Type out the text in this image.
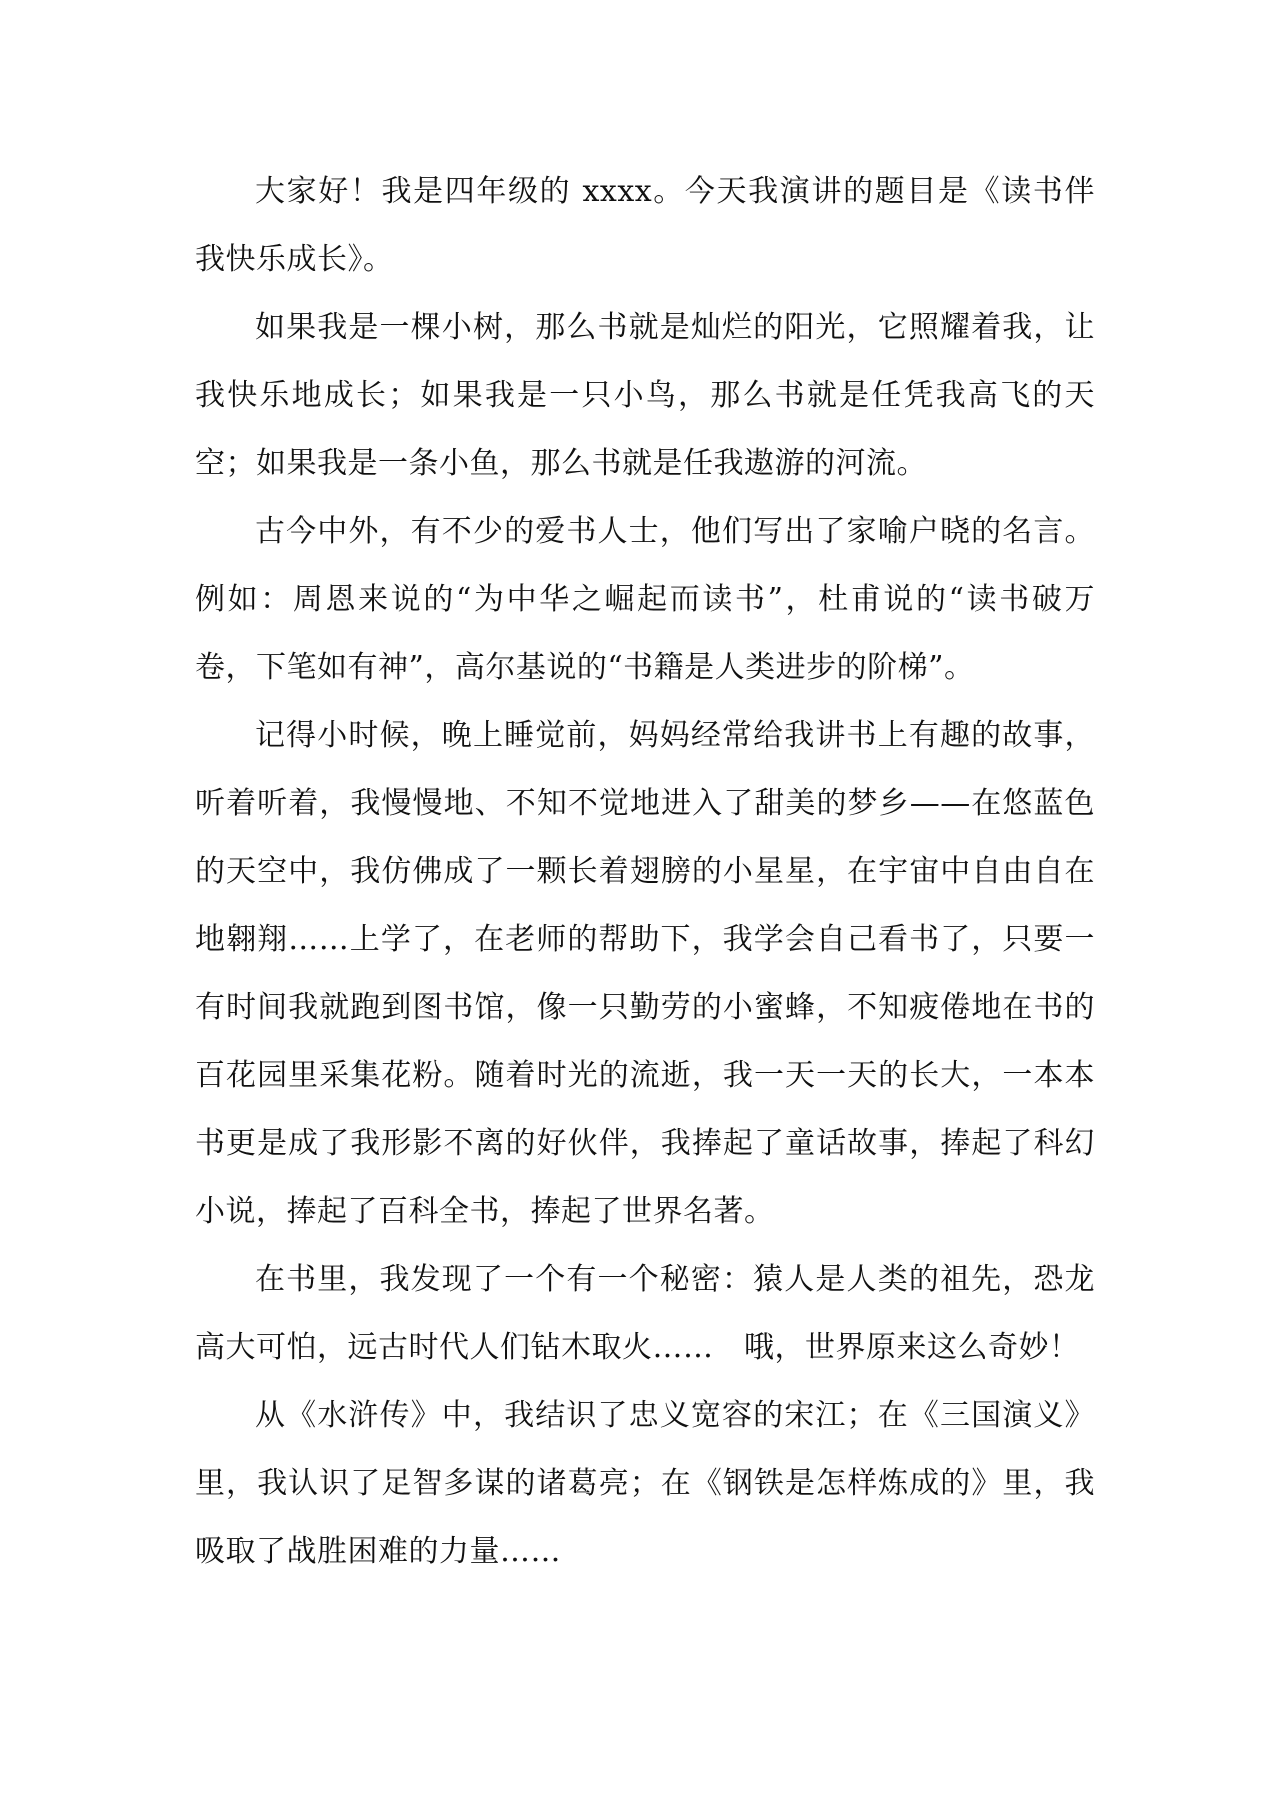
大家好！我是四年级的 xxxx。今天我演讲的题目是《读书伴我快乐成长》。

如果我是一棵小树，那么书就是灿烂的阳光，它照耀着我，让我快乐地成长；如果我是一只小鸟，那么书就是任凭我高飞的天空；如果我是一条小鱼，那么书就是任我遨游的河流。

古今中外，有不少的爱书人士，他们写出了家喻户晓的名言。例如：周恩来说的“为中华之崛起而读书”，杜甫说的“读书破万卷，下笔如有神”，高尔基说的“书籍是人类进步的阶梯”。

记得小时候，晚上睡觉前，妈妈经常给我讲书上有趣的故事，听着听着，我慢慢地、不知不觉地进入了甜美的梦乡——在悠蓝色的天空中，我仿佛成了一颗长着翅膀的小星星，在宇宙中自由自在地翱翔……上学了，在老师的帮助下，我学会自己看书了，只要一有时间我就跑到图书馆，像一只勤劳的小蜜蜂，不知疲倦地在书的百花园里采集花粉。随着时光的流逝，我一天一天的长大，一本本书更是成了我形影不离的好伙伴，我捧起了童话故事，捧起了科幻小说，捧起了百科全书，捧起了世界名著。

在书里，我发现了一个有一个秘密：猿人是人类的祖先，恐龙高大可怕，远古时代人们钻木取火……　哦，世界原来这么奇妙！

从《水浒传》中，我结识了忠义宽容的宋江；在《三国演义》里，我认识了足智多谋的诸葛亮；在《钢铁是怎样炼成的》里，我吸取了战胜困难的力量……
